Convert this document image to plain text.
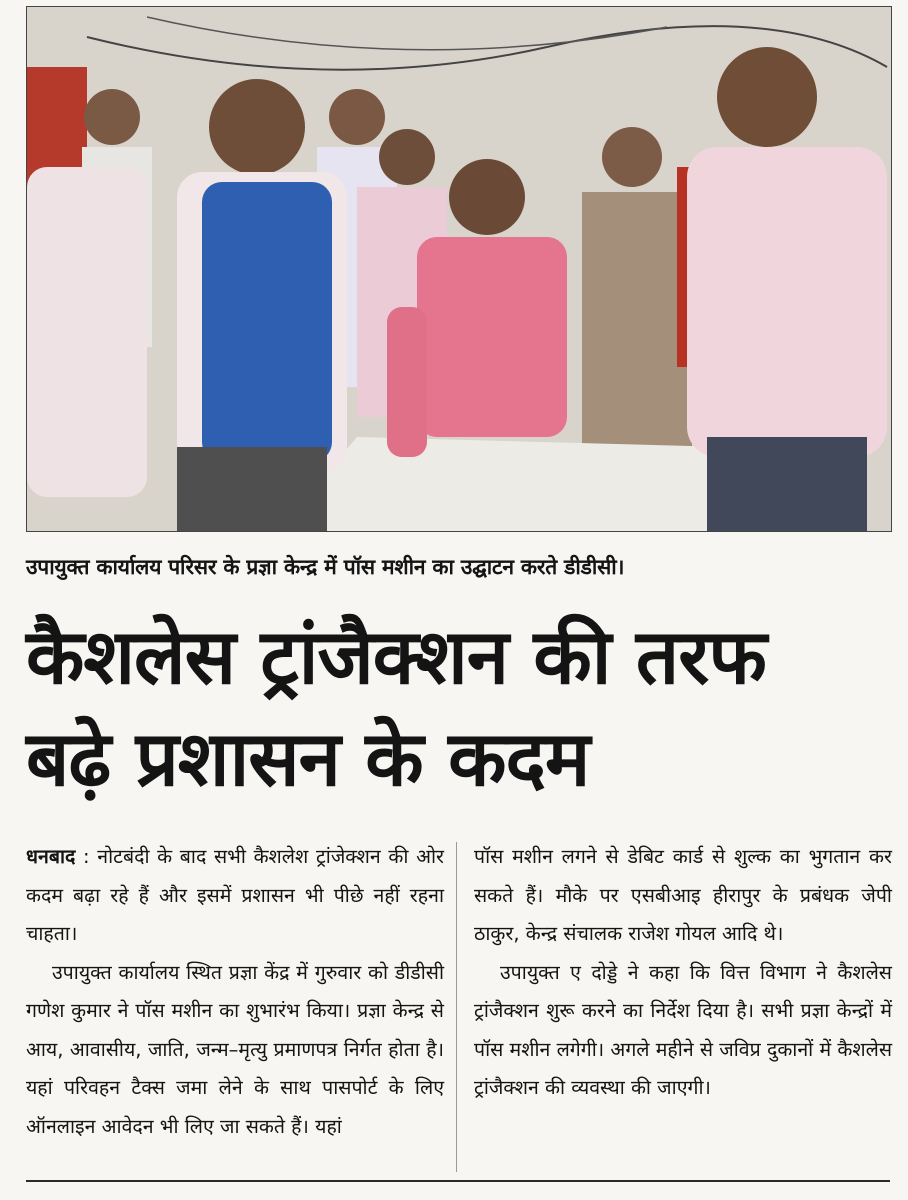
उपायुक्त कार्यालय परिसर के प्रज्ञा केन्द्र में पॉस मशीन का उद्घाटन करते डीडीसी।
कैशलेस ट्रांजैक्शन की तरफ
बढ़े प्रशासन के कदम

धनबाद : नोटबंदी के बाद सभी कैशलेश ट्रांजेक्शन की ओर कदम बढ़ा रहे हैं और इसमें प्रशासन भी पीछे नहीं रहना चाहता।

उपायुक्त कार्यालय स्थित प्रज्ञा केंद्र में गुरुवार को डीडीसी गणेश कुमार ने पॉस मशीन का शुभारंभ किया। प्रज्ञा केन्द्र से आय, आवासीय, जाति, जन्म–मृत्यु प्रमाणपत्र निर्गत होता है। यहां परिवहन टैक्स जमा लेने के साथ पासपोर्ट के लिए ऑनलाइन आवेदन भी लिए जा सकते हैं। यहां

पॉस मशीन लगने से डेबिट कार्ड से शुल्क का भुगतान कर सकते हैं। मौके पर एसबीआइ हीरापुर के प्रबंधक जेपी ठाकुर, केन्द्र संचालक राजेश गोयल आदि थे।

उपायुक्त ए दोड्डे ने कहा कि वित्त विभाग ने कैशलेस ट्रांजैक्शन शुरू करने का निर्देश दिया है। सभी प्रज्ञा केन्द्रों में पॉस मशीन लगेगी। अगले महीने से जविप्र दुकानों में कैशलेस ट्रांजैक्शन की व्यवस्था की जाएगी।
